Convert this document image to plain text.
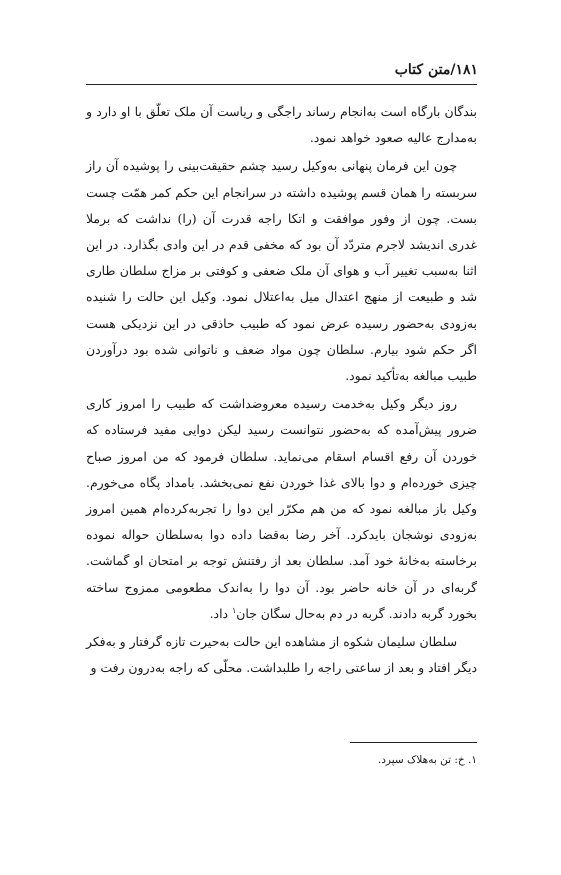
۱۸۱/متن کتاب

بندگان بارگاه است به‌انجام رساند راجگی و ریاست آن ملک تعلّق با او دارد و به‌مدارج عالیه صعود خواهد نمود.

چون این فرمان پنهانی به‌وکیل رسید چشم حقیقت‌بینی را پوشیده آن راز سربسته را همان قسم پوشیده داشته در سرانجام این حکم کمر همّت چست بست. چون از وفور موافقت و اتکا راجه قدرت آن (را) نداشت که برملا غدری اندیشد لاجرم متردّد آن بود که مخفی قدم در این وادی بگذارد. در این اثنا به‌سبب تغییر آب و هوای آن ملک ضعفی و کوفتی بر مزاج سلطان طاری شد و طبیعت از منهج اعتدال میل به‌اعتلال نمود. وکیل این حالت را شنیده به‌زودی به‌حضور رسیده عرض نمود که طبیب حاذقی در این نزدیکی هست اگر حکم شود بیارم. سلطان چون مواد ضعف و ناتوانی شده بود درآوردن طبیب مبالغه به‌تأکید نمود.

روز دیگر وکیل به‌خدمت رسیده معروضداشت که طبیب را امروز کاری ضرور پیش‌آمده که به‌حضور نتوانست رسید لیکن دوایی مفید فرستاده که خوردن آن رفع اقسام اسقام می‌نماید. سلطان فرمود که من امروز صباح چیزی خورده‌ام و دوا بالای غذا خوردن نفع نمی‌بخشد. بامداد پگاه می‌خورم. وکیل باز مبالغه نمود که من هم مکرّر این دوا را تجربه‌کرده‌ام همین امروز به‌زودی نوشجان بایدکرد. آخر رضا به‌قضا داده دوا به‌سلطان حواله نموده برخاسته به‌خانهٔ خود آمد. سلطان بعد از رفتنش توجه بر امتحان او گماشت. گربه‌ای در آن خانه حاضر بود. آن دوا را به‌اندک مطعومی ممزوج ساخته بخورد گربه دادند. گربه در دم به‌حال سگان جان$^۱$ داد.

سلطان سلیمان شکوه از مشاهده این حالت به‌حیرت تازه گرفتار و به‌فکر دیگر افتاد و بعد از ساعتی راجه را طلبداشت. محلّی که راجه به‌درون رفت و

۱. خ: تن به‌هلاک سپرد.
